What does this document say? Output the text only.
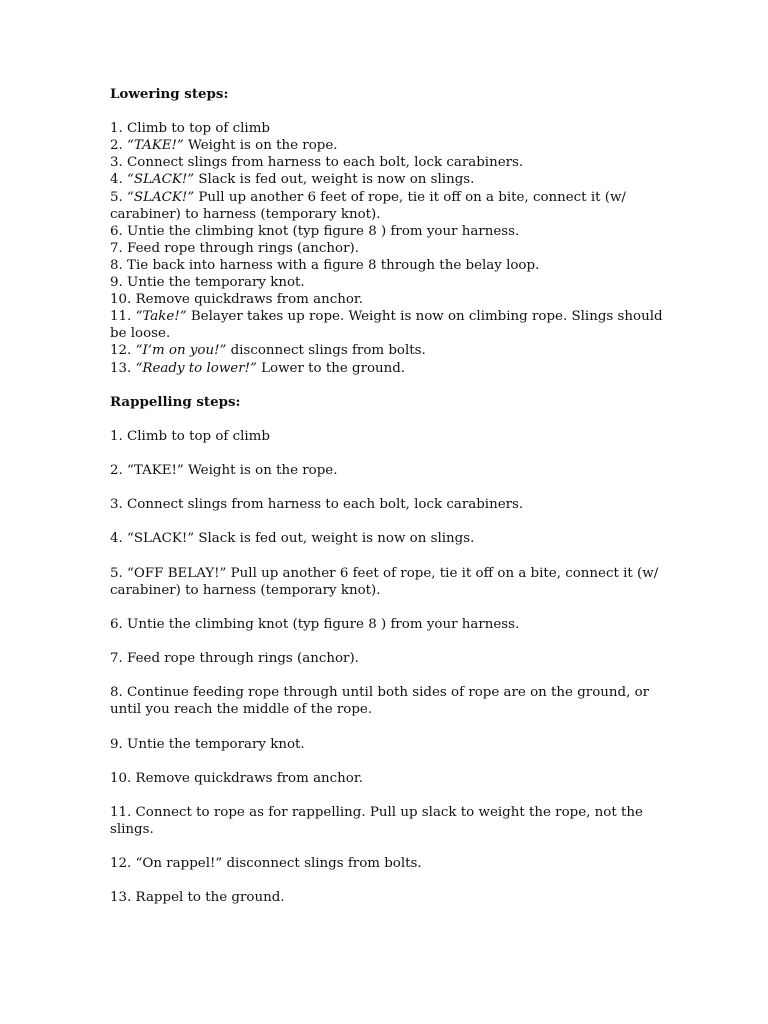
Lowering steps:

1. Climb to top of climb

2. “TAKE!” Weight is on the rope.

3. Connect slings from harness to each bolt, lock carabiners.

4. “SLACK!” Slack is fed out, weight is now on slings.

5. “SLACK!” Pull up another 6 feet of rope, tie it off on a bite, connect it (w/ carabiner) to harness (temporary knot).

6. Untie the climbing knot (typ figure 8 ) from your harness.

7. Feed rope through rings (anchor).

8. Tie back into harness with a figure 8 through the belay loop.

9. Untie the temporary knot.

10. Remove quickdraws from anchor.

11. “Take!” Belayer takes up rope. Weight is now on climbing rope. Slings should be loose.

12. “I’m on you!” disconnect slings from bolts.

13. “Ready to lower!” Lower to the ground.

Rappelling steps:

1. Climb to top of climb

2. “TAKE!” Weight is on the rope.

3. Connect slings from harness to each bolt, lock carabiners.

4. “SLACK!” Slack is fed out, weight is now on slings.

5. “OFF BELAY!” Pull up another 6 feet of rope, tie it off on a bite, connect it (w/ carabiner) to harness (temporary knot).

6. Untie the climbing knot (typ figure 8 ) from your harness.

7. Feed rope through rings (anchor).

8. Continue feeding rope through until both sides of rope are on the ground, or until you reach the middle of the rope.

9. Untie the temporary knot.

10. Remove quickdraws from anchor.

11. Connect to rope as for rappelling. Pull up slack to weight the rope, not the slings.

12. “On rappel!” disconnect slings from bolts.

13. Rappel to the ground.
